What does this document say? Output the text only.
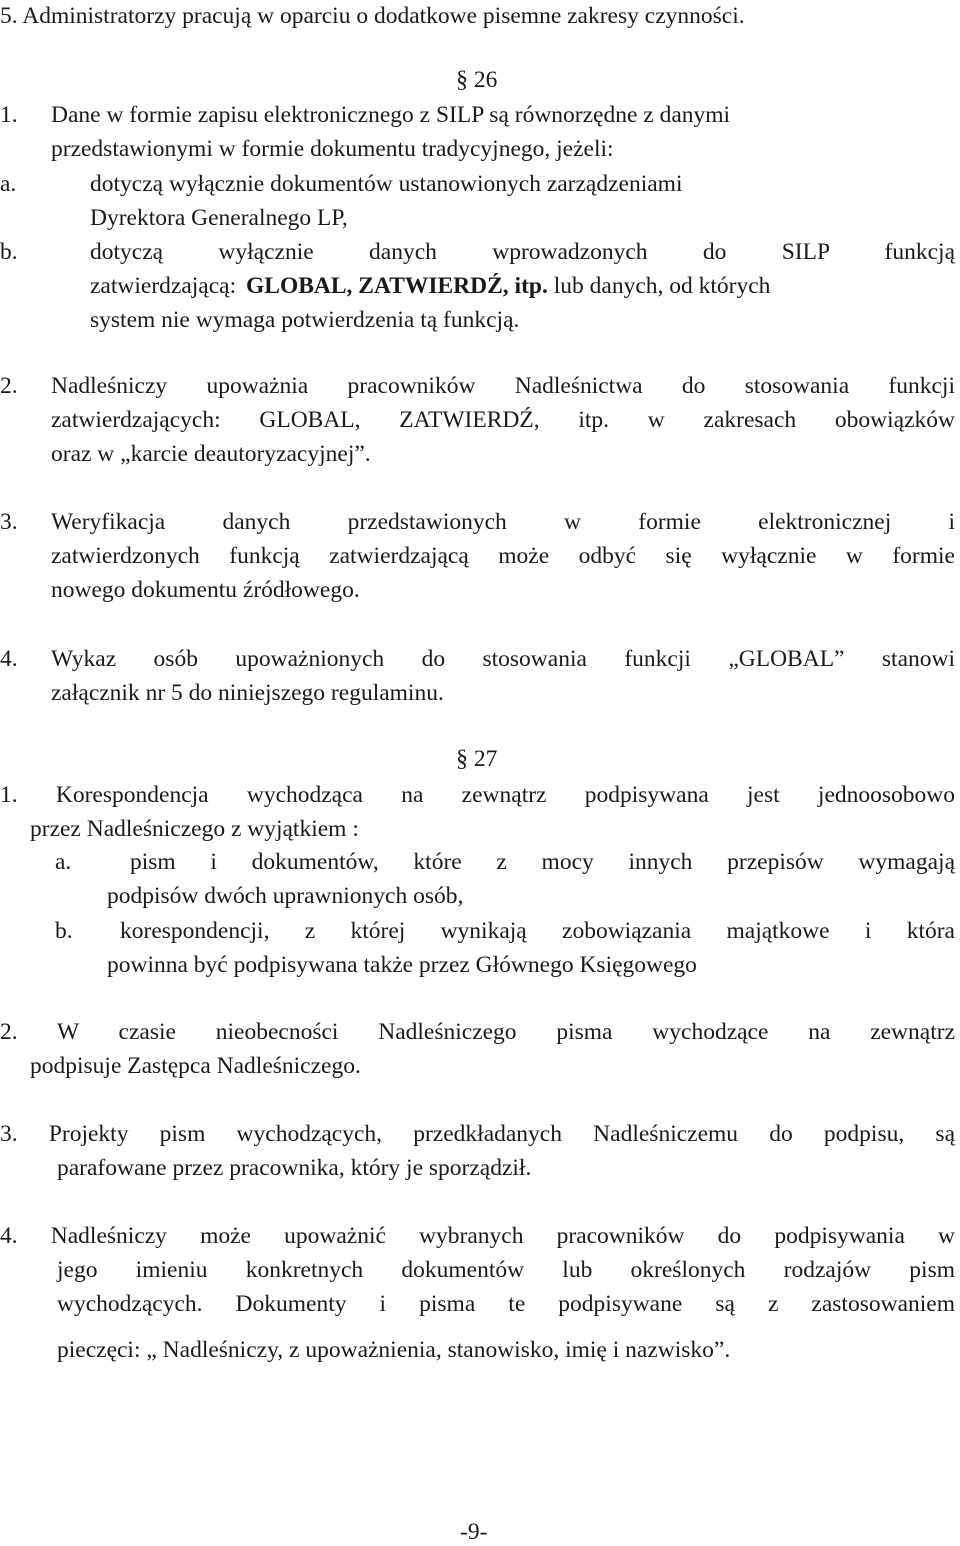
5. Administratorzy pracują w oparciu o dodatkowe pisemne zakresy czynności.
§ 26
1.	Dane w formie zapisu elektronicznego z SILP są równorzędne z danymi
przedstawionymi w formie dokumentu tradycyjnego, jeżeli:
a.	dotyczą wyłącznie dokumentów ustanowionych zarządzeniami
Dyrektora Generalnego LP,
b.	dotyczą wyłącznie danych wprowadzonych do SILP funkcją
zatwierdzającą: GLOBAL, ZATWIERDŹ, itp. lub danych, od których
system nie wymaga potwierdzenia tą funkcją.
2. Nadleśniczy upoważnia pracowników Nadleśnictwa do stosowania funkcji
zatwierdzających: GLOBAL, ZATWIERDŹ, itp. w zakresach obowiązków
oraz w „karcie deautoryzacyjnej”.
3. Weryfikacja danych przedstawionych w formie elektronicznej i
zatwierdzonych funkcją zatwierdzającą może odbyć się wyłącznie w formie
nowego dokumentu źródłowego.
4. Wykaz osób upoważnionych do stosowania funkcji „GLOBAL” stanowi
załącznik nr 5 do niniejszego regulaminu.
§ 27
1. Korespondencja wychodząca na zewnątrz podpisywana jest jednoosobowo
przez Nadleśniczego z wyjątkiem :
a. pism i dokumentów, które z mocy innych przepisów wymagają
podpisów dwóch uprawnionych osób,
b. korespondencji, z której wynikają zobowiązania majątkowe i która
powinna być podpisywana także przez Głównego Księgowego
2. W czasie nieobecności Nadleśniczego pisma wychodzące na zewnątrz
podpisuje Zastępca Nadleśniczego.
3. Projekty pism wychodzących, przedkładanych Nadleśniczemu do podpisu, są
parafowane przez pracownika, który je sporządził.
4. Nadleśniczy może upoważnić wybranych pracowników do podpisywania w
jego imieniu konkretnych dokumentów lub określonych rodzajów pism
wychodzących. Dokumenty i pisma te podpisywane są z zastosowaniem
pieczęci: „ Nadleśniczy, z upoważnienia, stanowisko, imię i nazwisko”.
-9-
